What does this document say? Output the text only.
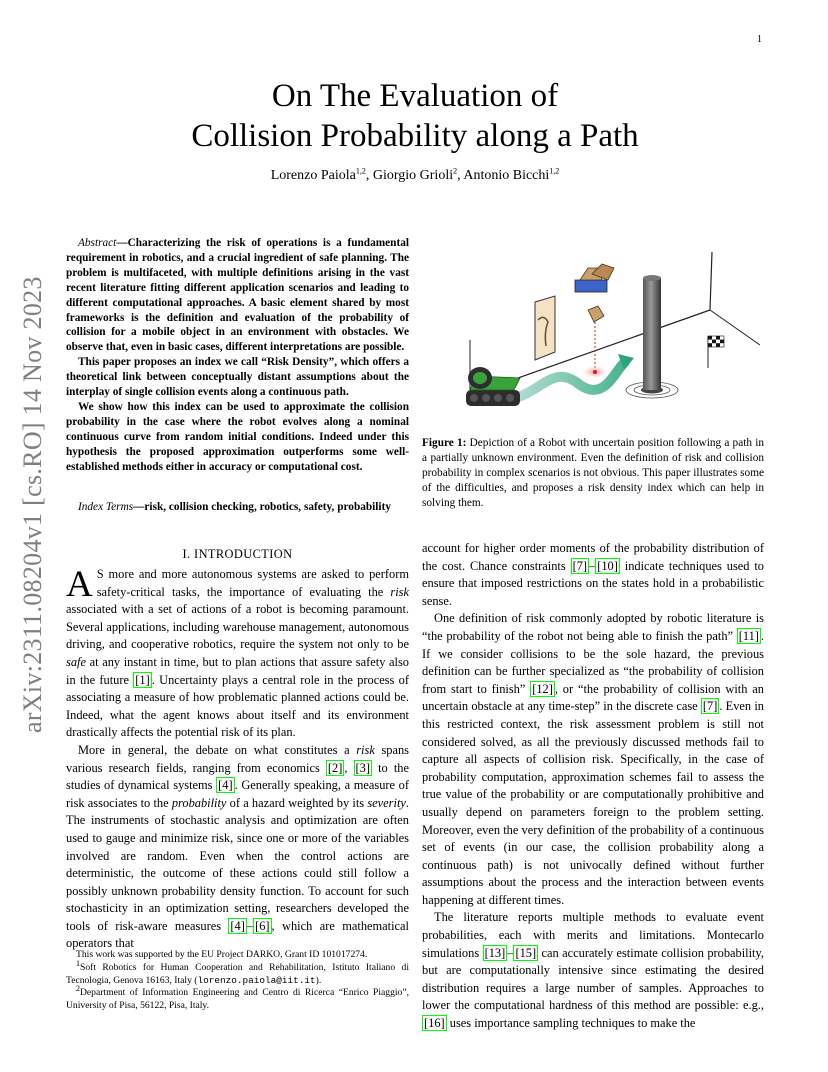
1
arXiv:2311.08204v1 [cs.RO] 14 Nov 2023
On The Evaluation of
Collision Probability along a Path
Lorenzo Paiola$^{1,2}$, Giorgio Grioli$^2$, Antonio Bicchi$^{1,2}$

Abstract—Characterizing the risk of operations is a fundamental requirement in robotics, and a crucial ingredient of safe planning. The problem is multifaceted, with multiple definitions arising in the vast recent literature fitting different application scenarios and leading to different computational approaches. A basic element shared by most frameworks is the definition and evaluation of the probability of collision for a mobile object in an environment with obstacles. We observe that, even in basic cases, different interpretations are possible.

This paper proposes an index we call “Risk Density”, which offers a theoretical link between conceptually distant assumptions about the interplay of single collision events along a continuous path.

We show how this index can be used to approximate the collision probability in the case where the robot evolves along a nominal continuous curve from random initial conditions. Indeed under this hypothesis the proposed approximation outperforms some well-established methods either in accuracy or computational cost.

Index Terms—risk, collision checking, robotics, safety, probability
I. INTRODUCTION

A S more and more autonomous systems are asked to perform safety-critical tasks, the importance of evaluating the risk associated with a set of actions of a robot is becoming paramount. Several applications, including warehouse management, autonomous driving, and cooperative robotics, require the system not only to be safe at any instant in time, but to plan actions that assure safety also in the future [1] . Uncertainty plays a central role in the process of associating a measure of how problematic planned actions could be. Indeed, what the agent knows about itself and its environment drastically affects the potential risk of its plan.

More in general, the debate on what constitutes a risk spans various research fields, ranging from economics [2] , [3] to the studies of dynamical systems [4] . Generally speaking, a measure of risk associates to the probability of a hazard weighted by its severity. The instruments of stochastic analysis and optimization are often used to gauge and minimize risk, since one or more of the variables involved are random. Even when the control actions are deterministic, the outcome of these actions could still follow a possibly unknown probability density function. To account for such stochasticity in an optimization setting, researchers developed the tools of risk-aware measures [4] – [6] , which are mathematical operators that

This work was supported by the EU Project DARKO, Grant ID 101017274.

$^1$Soft Robotics for Human Cooperation and Rehabilitation, Istituto Italiano di Tecnologia, Genova 16163, Italy (lorenzo.paiola@iit.it).

$^2$Department of Information Engineering and Centro di Ricerca “Enrico Piaggio”, University of Pisa, 56122, Pisa, Italy.

Figure 1: Depiction of a Robot with uncertain position following a path in a partially unknown environment. Even the definition of risk and collision probability in complex scenarios is not obvious. This paper illustrates some of the difficulties, and proposes a risk density index which can help in solving them.

account for higher order moments of the probability distribution of the cost. Chance constraints [7] – [10] indicate techniques used to ensure that imposed restrictions on the states hold in a probabilistic sense.

One definition of risk commonly adopted by robotic literature is “the probability of the robot not being able to finish the path” [11] . If we consider collisions to be the sole hazard, the previous definition can be further specialized as “the probability of collision from start to finish” [12] , or “the probability of collision with an uncertain obstacle at any time-step” in the discrete case [7] . Even in this restricted context, the risk assessment problem is still not considered solved, as all the previously discussed methods fail to capture all aspects of collision risk. Specifically, in the case of probability computation, approximation schemes fail to assess the true value of the probability or are computationally prohibitive and usually depend on parameters foreign to the problem setting. Moreover, even the very definition of the probability of a continuous set of events (in our case, the collision probability along a continuous path) is not univocally defined without further assumptions about the process and the interaction between events happening at different times.

The literature reports multiple methods to evaluate event probabilities, each with merits and limitations. Montecarlo simulations [13] – [15] can accurately estimate collision probability, but are computationally intensive since estimating the desired distribution requires a large number of samples. Approaches to lower the computational hardness of this method are possible: e.g., [16] uses importance sampling techniques to make the
